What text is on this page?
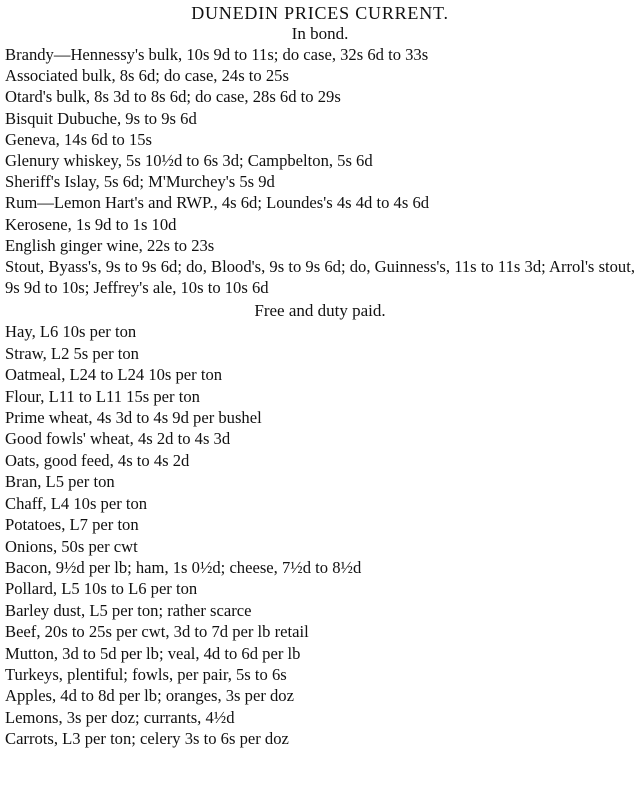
DUNEDIN PRICES CURRENT.

In bond.

Brandy—Hennessy's bulk, 10s 9d to 11s; do case, 32s 6d to 33s
Associated bulk, 8s 6d; do case, 24s to 25s
Otard's bulk, 8s 3d to 8s 6d; do case, 28s 6d to 29s
Bisquit Dubuche, 9s to 9s 6d
Geneva, 14s 6d to 15s
Glenury whiskey, 5s 10½d to 6s 3d; Campbelton, 5s 6d
Sheriff's Islay, 5s 6d; M'Murchey's 5s 9d
Rum—Lemon Hart's and RWP., 4s 6d; Loundes's 4s 4d to 4s 6d
Kerosene, 1s 9d to 1s 10d
English ginger wine, 22s to 23s
Stout, Byass's, 9s to 9s 6d; do, Blood's, 9s to 9s 6d; do, Guinness's, 11s to 11s 3d; Arrol's stout, 9s 9d to 10s; Jeffrey's ale, 10s to 10s 6d

Free and duty paid.

Hay, L6 10s per ton
Straw, L2 5s per ton
Oatmeal, L24 to L24 10s per ton
Flour, L11 to L11 15s per ton
Prime wheat, 4s 3d to 4s 9d per bushel
Good fowls' wheat, 4s 2d to 4s 3d
Oats, good feed, 4s to 4s 2d
Bran, L5 per ton
Chaff, L4 10s per ton
Potatoes, L7 per ton
Onions, 50s per cwt
Bacon, 9½d per lb; ham, 1s 0½d; cheese, 7½d to 8½d
Pollard, L5 10s to L6 per ton
Barley dust, L5 per ton; rather scarce
Beef, 20s to 25s per cwt, 3d to 7d per lb retail
Mutton, 3d to 5d per lb; veal, 4d to 6d per lb
Turkeys, plentiful; fowls, per pair, 5s to 6s
Apples, 4d to 8d per lb; oranges, 3s per doz
Lemons, 3s per doz; currants, 4½d
Carrots, L3 per ton; celery 3s to 6s per doz
